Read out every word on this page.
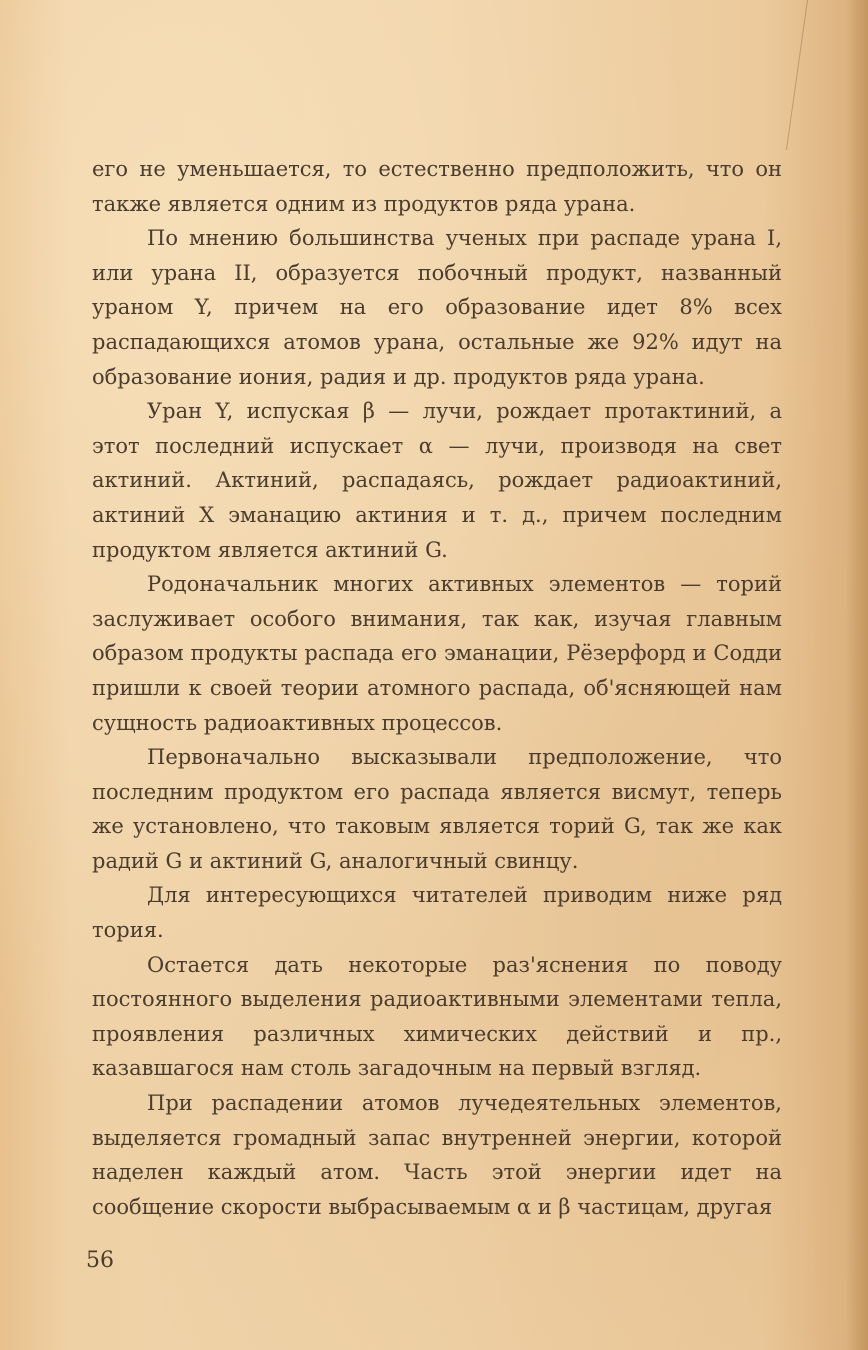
его не уменьшается, то естественно предположить, что он также является одним из продуктов ряда урана.

По мнению большинства ученых при распаде урана I, или урана II, образуется побочный продукт, названный ураном Y, причем на его образование идет 8% всех распадающихся атомов урана, остальные же 92% идут на образование иония, радия и др. продуктов ряда урана.

Уран Y, испуская β — лучи, рождает протактиний, а этот последний испускает α — лучи, производя на свет актиний. Актиний, распадаясь, рождает радиоактиний, актиний X эманацию актиния и т. д., причем последним продуктом является актиний G.

Родоначальник многих активных элементов — торий заслуживает особого внимания, так как, изучая главным образом продукты распада его эманации, Рёзерфорд и Содди пришли к своей теории атомного распада, об'ясняющей нам сущность радиоактивных процессов.

Первоначально высказывали предположение, что последним продуктом его распада является висмут, теперь же установлено, что таковым является торий G, так же как радий G и актиний G, аналогичный свинцу.

Для интересующихся читателей приводим ниже ряд тория.

Остается дать некоторые раз'яснения по поводу постоянного выделения радиоактивными элементами тепла, проявления различных химических действий и пр., казавшагося нам столь загадочным на первый взгляд.

При распадении атомов лучедеятельных элементов, выделяется громадный запас внутренней энергии, которой наделен каждый атом. Часть этой энергии идет на сообщение скорости выбрасываемым α и β частицам, другая

56
